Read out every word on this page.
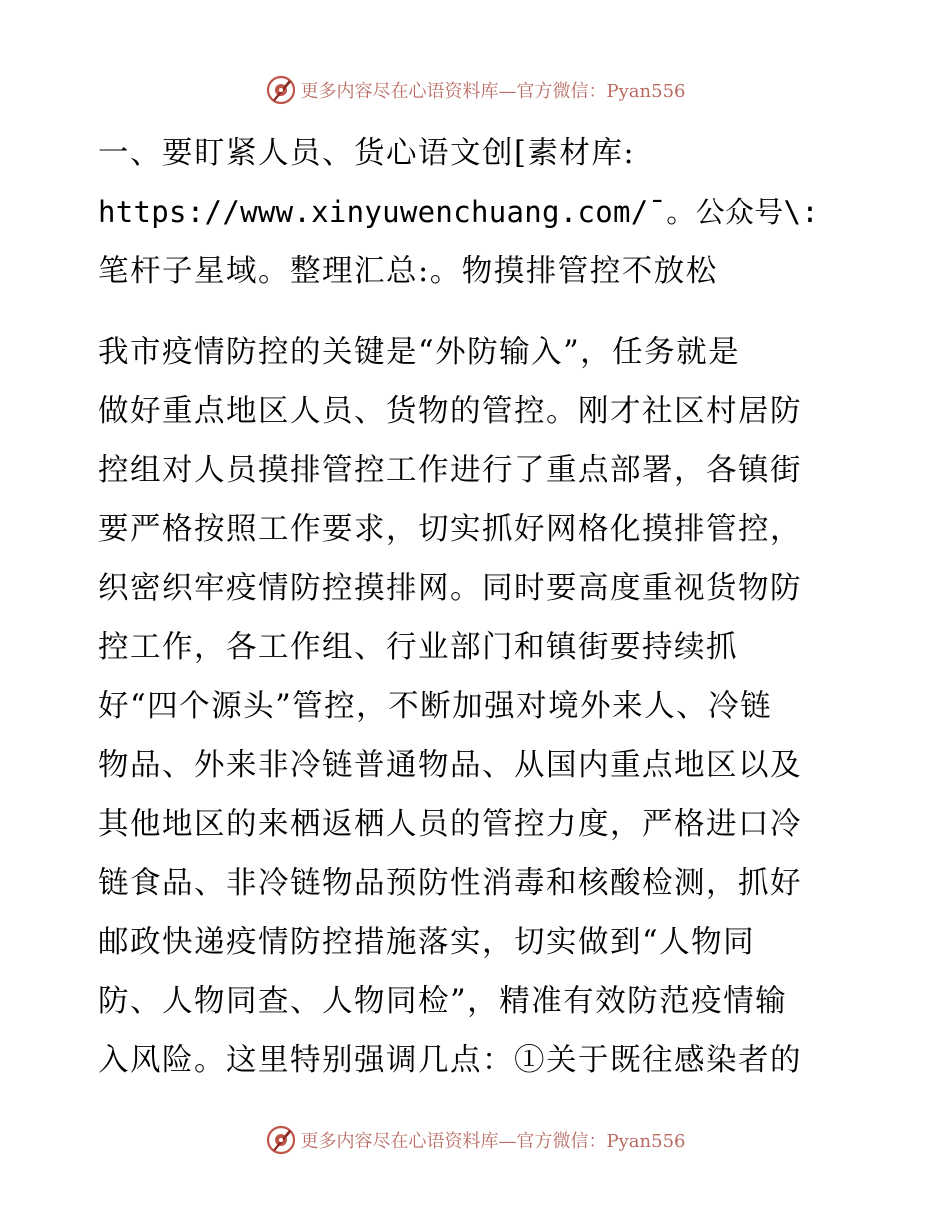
更多内容尽在心语资料库—官方微信：Pyan556
一、要盯紧人员、货心语文创[素材库:
https://www.xinyuwenchuang.com/¯。公众号\:
笔杆子星域。整理汇总:。物摸排管控不放松
我市疫情防控的关键是“外防输入”，任务就是
做好重点地区人员、货物的管控。刚才社区村居防
控组对人员摸排管控工作进行了重点部署，各镇街
要严格按照工作要求，切实抓好网格化摸排管控，
织密织牢疫情防控摸排网。同时要高度重视货物防
控工作，各工作组、行业部门和镇街要持续抓
好“四个源头”管控，不断加强对境外来人、冷链
物品、外来非冷链普通物品、从国内重点地区以及
其他地区的来栖返栖人员的管控力度，严格进口冷
链食品、非冷链物品预防性消毒和核酸检测，抓好
邮政快递疫情防控措施落实，切实做到“人物同
防、人物同查、人物同检”，精准有效防范疫情输
入风险。这里特别强调几点：①关于既往感染者的
更多内容尽在心语资料库—官方微信：Pyan556
